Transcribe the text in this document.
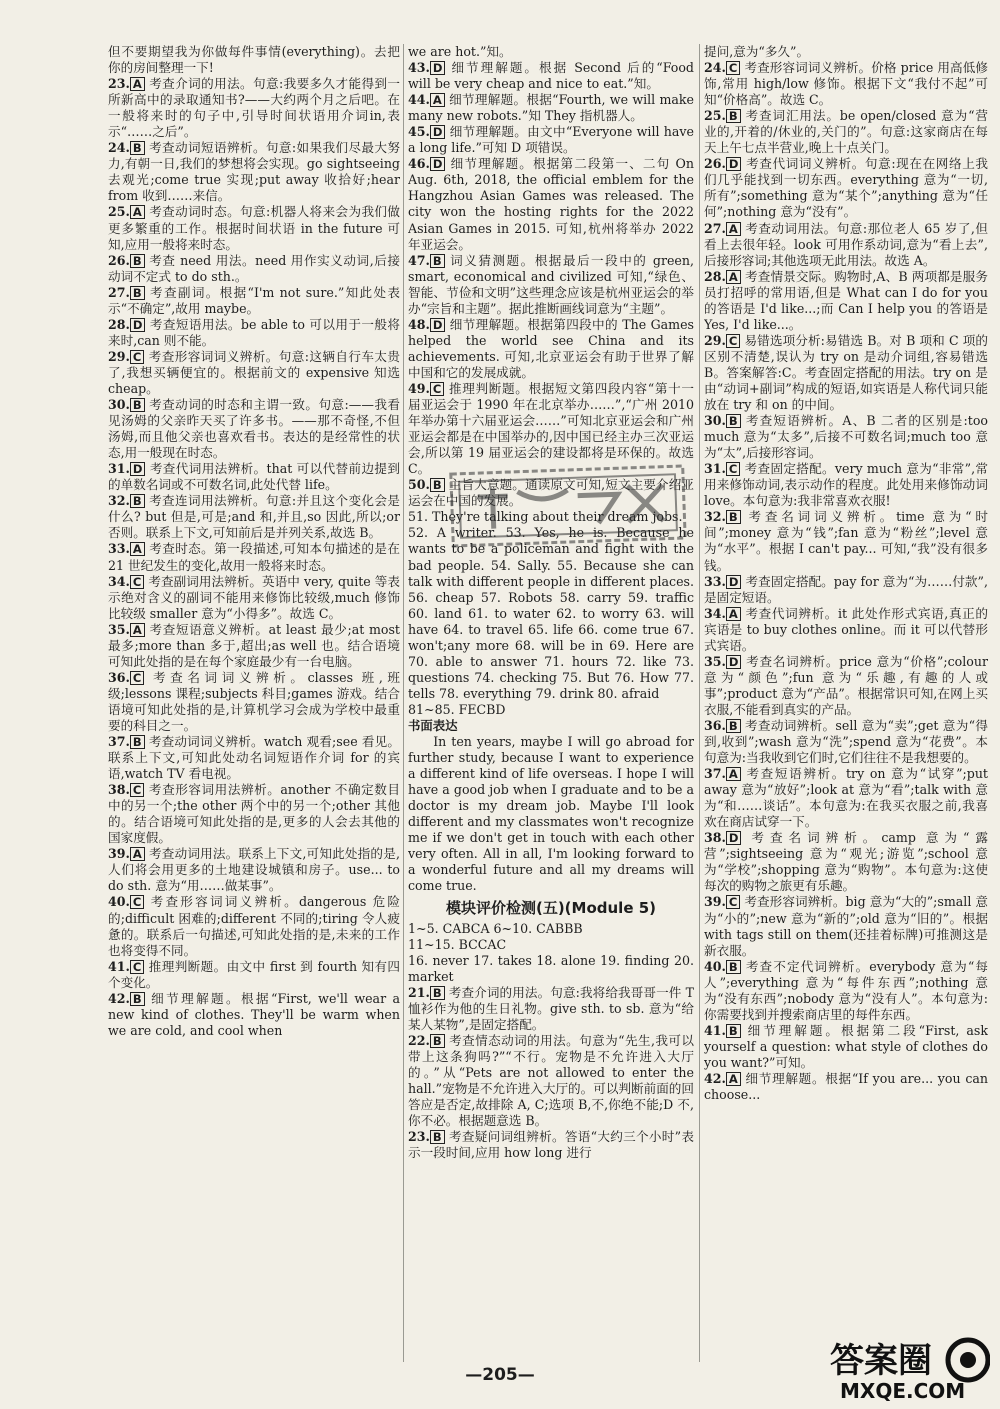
但不要期望我为你做每件事情(everything)。去把你的房间整理一下!

23. A 考查介词的用法。句意:我要多久才能得到一所新高中的录取通知书?——大约两个月之后吧。在一般将来时的句子中,引导时间状语用介词in,表示“……之后”。

24. B 考查动词短语辨析。句意:如果我们尽最大努力,有朝一日,我们的梦想将会实现。go sightseeing 去观光;come true 实现;put away 收拾好;hear from 收到……来信。

25. A 考查动词时态。句意:机器人将来会为我们做更多繁重的工作。根据时间状语 in the future 可知,应用一般将来时态。

26. B 考查 need 用法。need 用作实义动词,后接动词不定式 to do sth.。

27. B 考查副词。根据“I'm not sure.”知此处表示“不确定”,故用 maybe。

28. D 考查短语用法。be able to 可以用于一般将来时,can 则不能。

29. C 考查形容词词义辨析。句意:这辆自行车太贵了,我想买辆便宜的。根据前文的 expensive 知选 cheap。

30. B 考查动词的时态和主谓一致。句意:——我看见汤姆的父亲昨天买了许多书。——那不奇怪,不但汤姆,而且他父亲也喜欢看书。表达的是经常性的状态,用一般现在时态。

31. D 考查代词用法辨析。that 可以代替前边提到的单数名词或不可数名词,此处代替 life。

32. B 考查连词用法辨析。句意:并且这个变化会是什么? but 但是,可是;and 和,并且,so 因此,所以;or 否则。联系上下文,可知前后是并列关系,故选 B。

33. A 考查时态。第一段描述,可知本句描述的是在 21 世纪发生的变化,故用一般将来时态。

34. C 考查副词用法辨析。英语中 very, quite 等表示绝对含义的副词不能用来修饰比较级,much 修饰比较级 smaller 意为“小得多”。故选 C。

35. A 考查短语意义辨析。at least 最少;at most 最多;more than 多于,超出;as well 也。结合语境可知此处指的是在每个家庭最少有一台电脑。

36. C 考查名词词义辨析。classes 班,班级;lessons 课程;subjects 科目;games 游戏。结合语境可知此处指的是,计算机学习会成为学校中最重要的科目之一。

37. B 考查动词词义辨析。watch 观看;see 看见。联系上下文,可知此处动名词短语作介词 for 的宾语,watch TV 看电视。

38. C 考查形容词用法辨析。another 不确定数目中的另一个;the other 两个中的另一个;other 其他的。结合语境可知此处指的是,更多的人会去其他的国家度假。

39. A 考查动词用法。联系上下文,可知此处指的是,人们将会用更多的土地建设城镇和房子。use... to do sth. 意为“用……做某事”。

40. C 考查形容词词义辨析。dangerous 危险的;difficult 困难的;different 不同的;tiring 令人疲惫的。联系后一句描述,可知此处指的是,未来的工作也将变得不同。

41. C 推理判断题。由文中 first 到 fourth 知有四个变化。

42. B 细节理解题。根据“First, we'll wear a new kind of clothes. They'll be warm when we are cold, and cool when

we are hot.”知。

43. D 细节理解题。根据 Second 后的“Food will be very cheap and nice to eat.”知。

44. A 细节理解题。根据“Fourth, we will make many new robots.”知 They 指机器人。

45. D 细节理解题。由文中“Everyone will have a long life.”可知 D 项错误。

46. D 细节理解题。根据第二段第一、二句 On Aug. 6th, 2018, the official emblem for the Hangzhou Asian Games was released. The city won the hosting rights for the 2022 Asian Games in 2015. 可知,杭州将举办 2022 年亚运会。

47. B 词义猜测题。根据最后一段中的 green, smart, economical and civilized 可知,“绿色、智能、节俭和文明”这些理念应该是杭州亚运会的举办“宗旨和主题”。据此推断画线词意为“主题”。

48. D 细节理解题。根据第四段中的 The Games helped the world see China and its achievements. 可知,北京亚运会有助于世界了解中国和它的发展成就。

49. C 推理判断题。根据短文第四段内容“第十一届亚运会于 1990 年在北京举办……”,“广州 2010 年举办第十六届亚运会……”可知北京亚运会和广州亚运会都是在中国举办的,因中国已经主办三次亚运会,所以第 19 届亚运会的建设都将是环保的。故选 C。

50. B 主旨大意题。通读原文可知,短文主要介绍亚运会在中国的发展。

51. They're talking about their dream jobs.

52. A writer. 53. Yes, he is. Because he wants to be a policeman and fight with the bad people. 54. Sally. 55. Because she can talk with different people in different places. 56. cheap 57. Robots 58. carry 59. traffic 60. land 61. to water 62. to worry 63. will have 64. to travel 65. life 66. come true 67. won't;any more 68. will be in 69. Here are 70. able to answer 71. hours 72. like 73. questions 74. checking 75. But 76. How 77. tells 78. everything 79. drink 80. afraid

81~85. FECBD

书面表达

In ten years, maybe I will go abroad for further study, because I want to experience a different kind of life overseas. I hope I will have a good job when I graduate and to be a doctor is my dream job. Maybe I'll look different and my classmates won't recognize me if we don't get in touch with each other very often. All in all, I'm looking forward to a wonderful future and all my dreams will come true.

模块评价检测(五)(Module 5)

1~5. CABCA 6~10. CABBB

11~15. BCCAC

16. never 17. takes 18. alone 19. finding 20. market

21. B 考查介词的用法。句意:我将给我哥哥一件 T 恤衫作为他的生日礼物。give sth. to sb. 意为“给某人某物”,是固定搭配。

22. B 考查情态动词的用法。句意为“先生,我可以带上这条狗吗?”“不行。宠物是不允许进入大厅的。”从“Pets are not allowed to enter the hall.”宠物是不允许进入大厅的。可以判断前面的回答应是否定,故排除 A, C;选项 B,不,你绝不能;D 不,你不必。根据题意选 B。

23. B 考查疑问词组辨析。答语“大约三个小时”表示一段时间,应用 how long 进行

提问,意为“多久”。

24. C 考查形容词词义辨析。价格 price 用高低修饰,常用 high/low 修饰。根据下文“我付不起”可知“价格高”。故选 C。

25. B 考查词汇用法。be open/closed 意为“营业的,开着的/休业的,关门的”。句意:这家商店在每天上午七点半营业,晚上十点关门。

26. D 考查代词词义辨析。句意:现在在网络上我们几乎能找到一切东西。everything 意为“一切,所有”;something 意为“某个”;anything 意为“任何”;nothing 意为“没有”。

27. A 考查动词用法。句意:那位老人 65 岁了,但看上去很年轻。look 可用作系动词,意为“看上去”,后接形容词;其他选项无此用法。故选 A。

28. A 考查情景交际。购物时,A、B 两项都是服务员打招呼的常用语,但是 What can I do for you 的答语是 I'd like...;而 Can I help you 的答语是 Yes, I'd like...。

29. C 易错选项分析:易错选 B。对 B 项和 C 项的区别不清楚,误认为 try on 是动介词组,容易错选 B。答案解答:C。考查固定搭配的用法。try on 是由“动词+副词”构成的短语,如宾语是人称代词只能放在 try 和 on 的中间。

30. B 考查短语辨析。A、B 二者的区别是:too much 意为“太多”,后接不可数名词;much too 意为“太”,后接形容词。

31. C 考查固定搭配。very much 意为“非常”,常用来修饰动词,表示动作的程度。此处用来修饰动词 love。本句意为:我非常喜欢衣服!

32. B 考查名词词义辨析。time 意为“时间”;money 意为“钱”;fan 意为“粉丝”;level 意为“水平”。根据 I can't pay... 可知,“我”没有很多钱。

33. D 考查固定搭配。pay for 意为“为……付款”,是固定短语。

34. A 考查代词辨析。it 此处作形式宾语,真正的宾语是 to buy clothes online。而 it 可以代替形式宾语。

35. D 考查名词辨析。price 意为“价格”;colour 意为“颜色”;fun 意为“乐趣,有趣的人或事”;product 意为“产品”。根据常识可知,在网上买衣服,不能看到真实的产品。

36. B 考查动词辨析。sell 意为“卖”;get 意为“得到,收到”;wash 意为“洗”;spend 意为“花费”。本句意为:当我收到它们时,它们往往不是我想要的。

37. A 考查短语辨析。try on 意为“试穿”;put away 意为“放好”;look at 意为“看”;talk with 意为“和……谈话”。本句意为:在我买衣服之前,我喜欢在商店试穿一下。

38. D 考查名词辨析。camp 意为“露营”;sightseeing 意为“观光;游览”;school 意为“学校”;shopping 意为“购物”。本句意为:这使每次的购物之旅更有乐趣。

39. C 考查形容词辨析。big 意为“大的”;small 意为“小的”;new 意为“新的”;old 意为“旧的”。根据 with tags still on them(还挂着标牌)可推测这是新衣服。

40. B 考查不定代词辨析。everybody 意为“每人”;everything 意为“每件东西”;nothing 意为“没有东西”;nobody 意为“没有人”。本句意为:你需要找到并搜索商店里的每件东西。

41. B 细节理解题。根据第二段“First, ask yourself a question: what style of clothes do you want?”可知。

42. A 细节理解题。根据“If you are... you can choose...

—205—	答案圈
MXQE.COM
